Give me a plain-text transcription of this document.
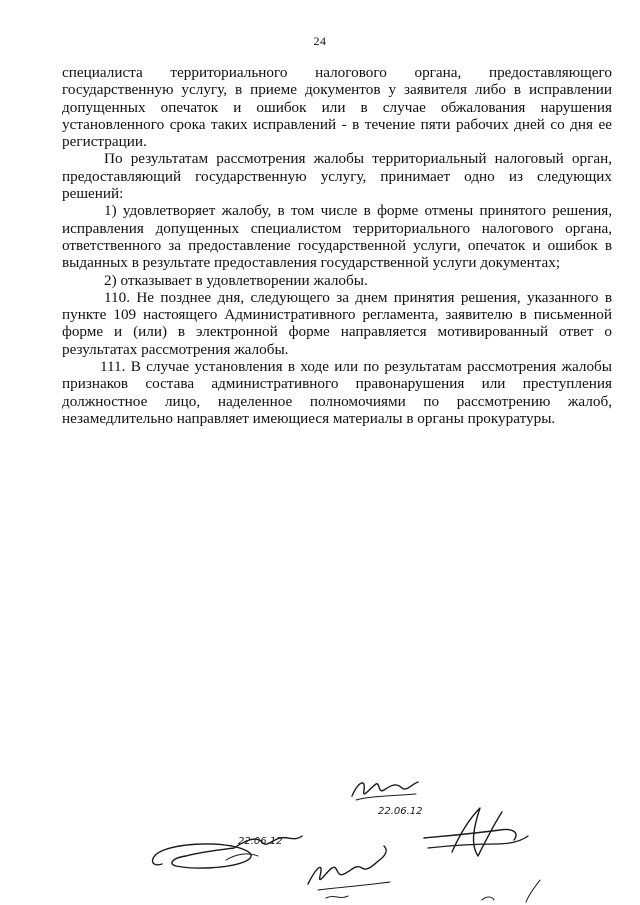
24

специалиста территориального налогового органа, предоставляющего государственную услугу, в приеме документов у заявителя либо в исправлении допущенных опечаток и ошибок или в случае обжалования нарушения установленного срока таких исправлений - в течение пяти рабочих дней со дня ее регистрации.

По результатам рассмотрения жалобы территориальный налоговый орган, предоставляющий государственную услугу, принимает одно из следующих решений:

1) удовлетворяет жалобу, в том числе в форме отмены принятого решения, исправления допущенных специалистом территориального налогового органа, ответственного за предоставление государственной услуги, опечаток и ошибок в выданных в результате предоставления государственной услуги документах;

2) отказывает в удовлетворении жалобы.

110. Не позднее дня, следующего за днем принятия решения, указанного в пункте 109 настоящего Административного регламента, заявителю в письменной форме и (или) в электронной форме направляется мотивированный ответ о результатах рассмотрения жалобы.

111. В случае установления в ходе или по результатам рассмотрения жалобы признаков состава административного правонарушения или преступления должностное лицо, наделенное полномочиями по рассмотрению жалоб, незамедлительно направляет имеющиеся материалы в органы прокуратуры.

22.06.12
22.06.12
